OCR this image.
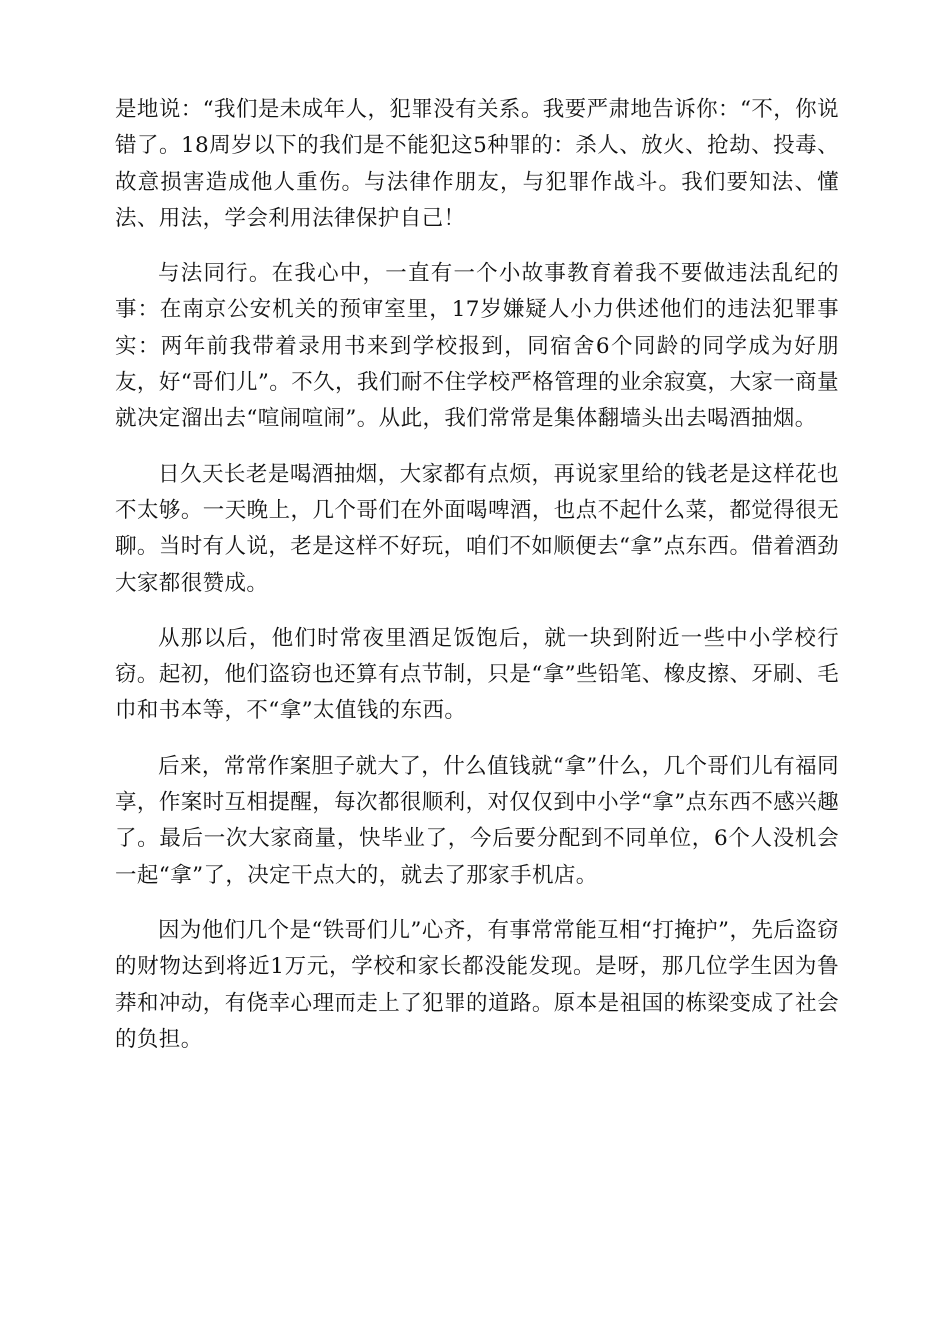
是地说：“我们是未成年人，犯罪没有关系。我要严肃地告诉你：“不，你说错了。18周岁以下的我们是不能犯这5种罪的：杀人、放火、抢劫、投毒、故意损害造成他人重伤。与法律作朋友，与犯罪作战斗。我们要知法、懂法、用法，学会利用法律保护自己！

与法同行。在我心中，一直有一个小故事教育着我不要做违法乱纪的事：在南京公安机关的预审室里，17岁嫌疑人小力供述他们的违法犯罪事实：两年前我带着录用书来到学校报到，同宿舍6个同龄的同学成为好朋友，好“哥们儿”。不久，我们耐不住学校严格管理的业余寂寞，大家一商量就决定溜出去“喧闹喧闹”。从此，我们常常是集体翻墙头出去喝酒抽烟。

日久天长老是喝酒抽烟，大家都有点烦，再说家里给的钱老是这样花也不太够。一天晚上，几个哥们在外面喝啤酒，也点不起什么菜，都觉得很无聊。当时有人说，老是这样不好玩，咱们不如顺便去“拿”点东西。借着酒劲大家都很赞成。

从那以后，他们时常夜里酒足饭饱后，就一块到附近一些中小学校行窃。起初，他们盗窃也还算有点节制，只是“拿”些铅笔、橡皮擦、牙刷、毛巾和书本等，不“拿”太值钱的东西。

后来，常常作案胆子就大了，什么值钱就“拿”什么，几个哥们儿有福同享，作案时互相提醒，每次都很顺利，对仅仅到中小学“拿”点东西不感兴趣了。最后一次大家商量，快毕业了，今后要分配到不同单位，6个人没机会一起“拿”了，决定干点大的，就去了那家手机店。

因为他们几个是“铁哥们儿”心齐，有事常常能互相“打掩护”，先后盗窃的财物达到将近1万元，学校和家长都没能发现。是呀，那几位学生因为鲁莽和冲动，有侥幸心理而走上了犯罪的道路。原本是祖国的栋梁变成了社会的负担。
